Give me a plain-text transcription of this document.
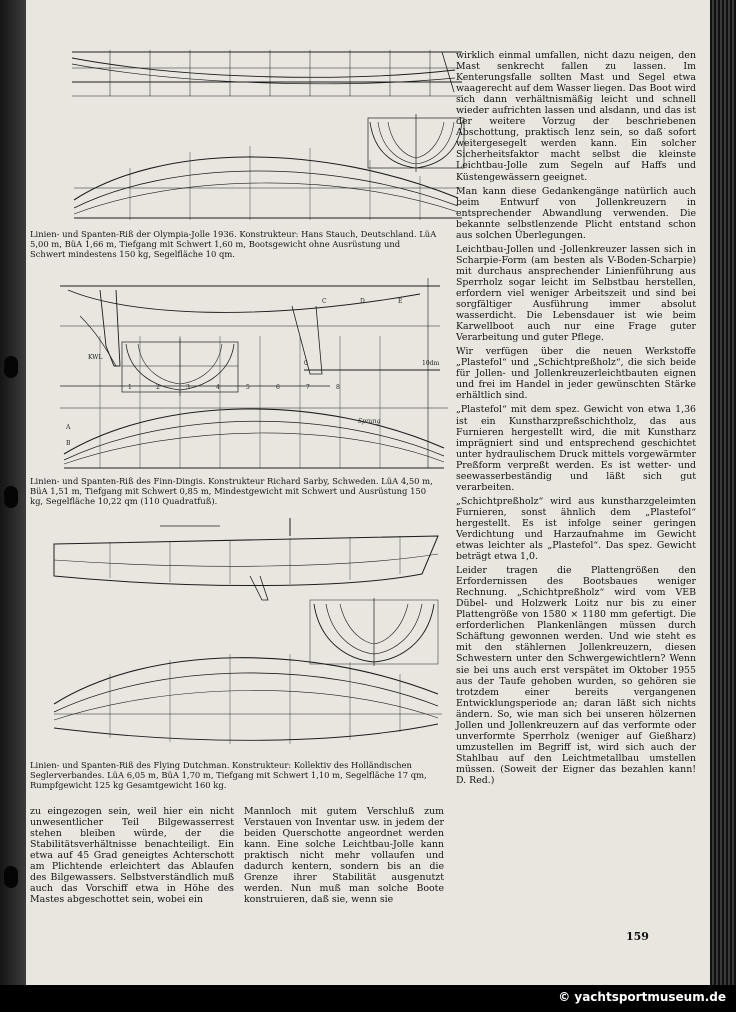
Linien- und Spanten-Riß der Olympia-Jolle 1936. Konstrukteur: Hans Stauch, Deutschland. LüA 5,00 m, BüA 1,66 m, Tiefgang mit Schwert 1,60 m, Bootsgewicht ohne Ausrüstung und Schwert mindestens 150 kg, Segelfläche 10 qm.

A
B
C	D	E
1	2	3	4	5	6	7	8
KWL
0	10dm
Sprung

Linien- und Spanten-Riß des Finn-Dingis. Konstrukteur Richard Sarby, Schweden. LüA 4,50 m, BüA 1,51 m, Tiefgang mit Schwert 0,85 m, Mindestgewicht mit Schwert und Ausrüstung 150 kg, Segelfläche 10,22 qm (110 Quadratfuß).

Linien- und Spanten-Riß des Flying Dutchman. Konstrukteur: Kollektiv des Holländischen Seglerverbandes. LüA 6,05 m, BüA 1,70 m, Tiefgang mit Schwert 1,10 m, Segelfläche 17 qm, Rumpfgewicht 125 kg Gesamtgewicht 160 kg.

wirklich einmal umfallen, nicht dazu neigen, den Mast senkrecht fallen zu lassen. Im Kenterungsfalle sollten Mast und Segel etwa waagerecht auf dem Wasser liegen. Das Boot wird sich dann verhältnismäßig leicht und schnell wieder aufrichten lassen und alsdann, und das ist der weitere Vorzug der beschriebenen Abschottung, praktisch lenz sein, so daß sofort weitergesegelt werden kann. Ein solcher Sicherheitsfaktor macht selbst die kleinste Leichtbau-Jolle zum Segeln auf Haffs und Küstengewässern geeignet.

Man kann diese Gedankengänge natürlich auch beim Entwurf von Jollenkreuzern in entsprechender Abwandlung verwenden. Die bekannte selbstlenzende Plicht entstand schon aus solchen Überlegungen.

Leichtbau-Jollen und -Jollenkreuzer lassen sich in Scharpie-Form (am besten als V-Boden-Scharpie) mit durchaus ansprechender Linienführung aus Sperrholz sogar leicht im Selbstbau herstellen, erfordern viel weniger Arbeitszeit und sind bei sorgfältiger Ausführung immer absolut wasserdicht. Die Lebensdauer ist wie beim Karwellboot auch nur eine Frage guter Verarbeitung und guter Pflege.

Wir verfügen über die neuen Werkstoffe „Plastefol“ und „Schichtpreßholz“, die sich beide für Jollen- und Jollenkreuzerleichtbauten eignen und frei im Handel in jeder gewünschten Stärke erhältlich sind.

„Plastefol“ mit dem spez. Gewicht von etwa 1,36 ist ein Kunstharzpreßschichtholz, das aus Furnieren hergestellt wird, die mit Kunstharz imprägniert sind und entsprechend geschichtet unter hydraulischem Druck mittels vorgewärmter Preßform verpreßt werden. Es ist wetter- und seewasserbeständig und läßt sich gut verarbeiten.

„Schichtpreßholz“ wird aus kunstharzgeleimten Furnieren, sonst ähnlich dem „Plastefol“ hergestellt. Es ist infolge seiner geringen Verdichtung und Harzaufnahme im Gewicht etwas leichter als „Plastefol“. Das spez. Gewicht beträgt etwa 1,0.

Leider tragen die Plattengrößen den Erfordernissen des Bootsbaues weniger Rechnung. „Schichtpreßholz“ wird vom VEB Dübel- und Holzwerk Loitz nur bis zu einer Plattengröße von 1580 × 1180 mm gefertigt. Die erforderlichen Plankenlängen müssen durch Schäftung gewonnen werden. Und wie steht es mit den stählernen Jollenkreuzern, diesen Schwestern unter den Schwergewichtlern? Wenn sie bei uns auch erst verspätet im Oktober 1955 aus der Taufe gehoben wurden, so gehören sie trotzdem einer bereits vergangenen Entwicklungsperiode an; daran läßt sich nichts ändern. So, wie man sich bei unseren hölzernen Jollen und Jollenkreuzern auf das verformte oder unverformte Sperrholz (weniger auf Gießharz) umzustellen im Begriff ist, wird sich auch der Stahlbau auf den Leichtmetallbau umstellen müssen. (Soweit der Eigner das bezahlen kann! D. Red.)

zu eingezogen sein, weil hier ein nicht unwesentlicher Teil Bilgewasserrest stehen bleiben würde, der die Stabilitätsverhältnisse benachteiligt. Ein etwa auf 45 Grad geneigtes Achterschott am Plichtende erleichtert das Ablaufen des Bilgewassers. Selbstverständlich muß auch das Vorschiff etwa in Höhe des Mastes abgeschottet sein, wobei ein

Mannloch mit gutem Verschluß zum Verstauen von Inventar usw. in jedem der beiden Querschotte angeordnet werden kann. Eine solche Leichtbau-Jolle kann praktisch nicht mehr vollaufen und dadurch kentern, sondern bis an die Grenze ihrer Stabilität ausgenutzt werden. Nun muß man solche Boote konstruieren, daß sie, wenn sie

159
© yachtsportmuseum.de
